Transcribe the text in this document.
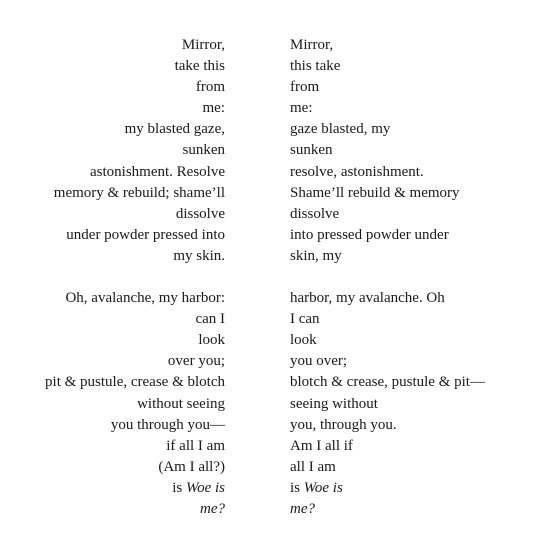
Mirror,
take this
from
me:
my blasted gaze,
sunken
astonishment. Resolve
memory & rebuild; shame’ll
dissolve
under powder pressed into
my skin.
Oh, avalanche, my harbor:
can I
look
over you;
pit & pustule, crease & blotch
without seeing
you through you—
if all I am
(Am I all?)
is Woe is
me?
Mirror,
this take
from
me:
gaze blasted, my
sunken
resolve, astonishment.
Shame’ll rebuild & memory
dissolve
into pressed powder under
skin, my
harbor, my avalanche. Oh
I can
look
you over;
blotch & crease, pustule & pit—
seeing without
you, through you.
Am I all if
all I am
is Woe is
me?
